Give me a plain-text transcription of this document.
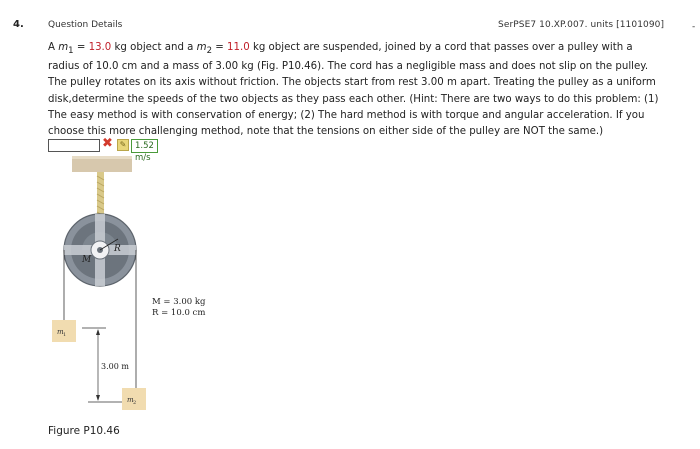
4.	Question Details	SerPSE7 10.XP.007. units [1101090]	-
A $m_1 = 13.0$ kg object and a $m_2 = 11.0$ kg object are suspended, joined by a cord that passes over a pulley with a radius of 10.0 cm and a mass of 3.00 kg (Fig. P10.46). The cord has a negligible mass and does not slip on the pulley. The pulley rotates on its axis without friction. The objects start from rest 3.00 m apart. Treating the pulley as a uniform disk,determine the speeds of the two objects as they pass each other. (Hint: There are two ways to do this problem: (1) The easy method is with conservation of energy; (2) The hard method is with torque and angular acceleration. If you choose this more challenging method, note that the tensions on either side of the pulley are NOT the same.)
✖ ✎	1.52 m/s
M
R
m 1
m 2
3.00 m
M = 3.00 kg
R = 10.0 cm
Figure P10.46
